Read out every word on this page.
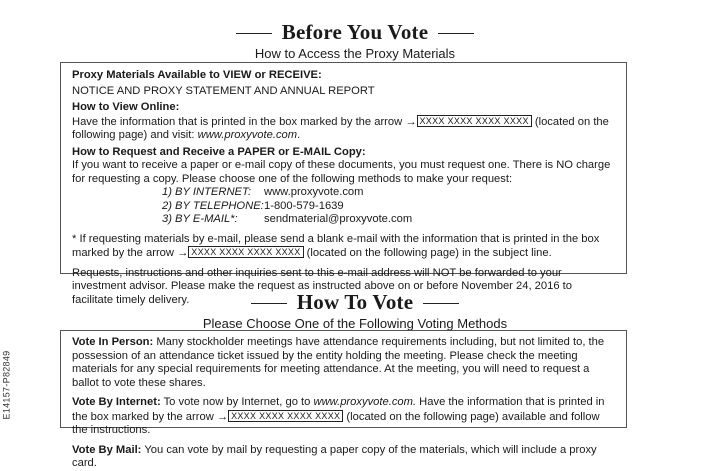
Before You Vote
How to Access the Proxy Materials

Proxy Materials Available to VIEW or RECEIVE:

NOTICE AND PROXY STATEMENT AND ANNUAL REPORT

How to View Online:

Have the information that is printed in the box marked by the arrow → XXXX XXXX XXXX XXXX (located on the following page) and visit: www.proxyvote.com.

How to Request and Receive a PAPER or E-MAIL Copy:

If you want to receive a paper or e-mail copy of these documents, you must request one. There is NO charge for requesting a copy. Please choose one of the following methods to make your request:

1) BY INTERNET: www.proxyvote.com
2) BY TELEPHONE:1-800-579-1639
3) BY E-MAIL*: sendmaterial@proxyvote.com

* If requesting materials by e-mail, please send a blank e-mail with the information that is printed in the box marked by the arrow → XXXX XXXX XXXX XXXX (located on the following page) in the subject line.

Requests, instructions and other inquiries sent to this e-mail address will NOT be forwarded to your investment advisor. Please make the request as instructed above on or before November 24, 2016 to facilitate timely delivery.	How To Vote
Please Choose One of the Following Voting Methods

Vote In Person: Many stockholder meetings have attendance requirements including, but not limited to, the possession of an attendance ticket issued by the entity holding the meeting. Please check the meeting materials for any special requirements for meeting attendance. At the meeting, you will need to request a ballot to vote these shares.

Vote By Internet: To vote now by Internet, go to www.proxyvote.com. Have the information that is printed in the box marked by the arrow → XXXX XXXX XXXX XXXX (located on the following page) available and follow the instructions.

Vote By Mail: You can vote by mail by requesting a paper copy of the materials, which will include a proxy card.

E14157-P82849
